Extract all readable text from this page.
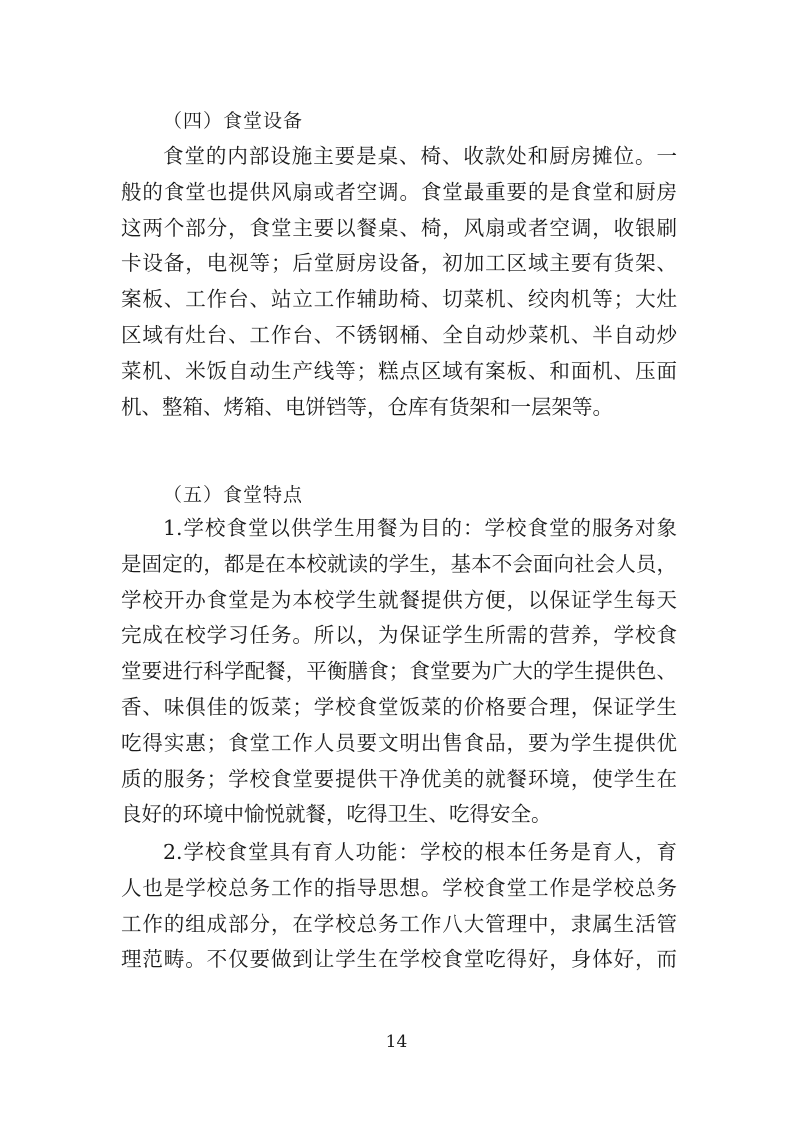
（四）食堂设备
食堂的内部设施主要是桌、椅、收款处和厨房摊位。一
般的食堂也提供风扇或者空调。食堂最重要的是食堂和厨房
这两个部分，食堂主要以餐桌、椅，风扇或者空调，收银刷
卡设备，电视等；后堂厨房设备，初加工区域主要有货架、
案板、工作台、站立工作辅助椅、切菜机、绞肉机等；大灶
区域有灶台、工作台、不锈钢桶、全自动炒菜机、半自动炒
菜机、米饭自动生产线等；糕点区域有案板、和面机、压面
机、整箱、烤箱、电饼铛等，仓库有货架和一层架等。
（五）食堂特点
1.学校食堂以供学生用餐为目的：学校食堂的服务对象
是固定的，都是在本校就读的学生，基本不会面向社会人员，
学校开办食堂是为本校学生就餐提供方便，以保证学生每天
完成在校学习任务。所以，为保证学生所需的营养，学校食
堂要进行科学配餐，平衡膳食；食堂要为广大的学生提供色、
香、味俱佳的饭菜；学校食堂饭菜的价格要合理，保证学生
吃得实惠；食堂工作人员要文明出售食品，要为学生提供优
质的服务；学校食堂要提供干净优美的就餐环境，使学生在
良好的环境中愉悦就餐，吃得卫生、吃得安全。
2.学校食堂具有育人功能：学校的根本任务是育人，育
人也是学校总务工作的指导思想。学校食堂工作是学校总务
工作的组成部分，在学校总务工作八大管理中，隶属生活管
理范畴。不仅要做到让学生在学校食堂吃得好，身体好，而
14
